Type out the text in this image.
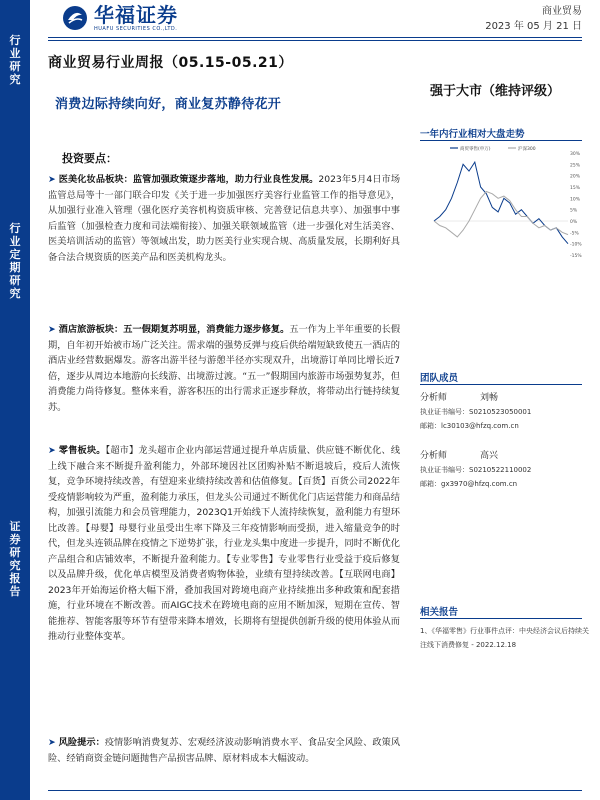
华福证券
HUAFU SECURITIES CO.,LTD.
商业贸易
2023 年 05 月 21 日
行
业
研
究
行
业
定
期
研
究
证
券
研
究
报
告
商业贸易行业周报（05.15-05.21）
消费边际持续向好，商业复苏静待花开
强于大市（维持评级）
投资要点：
➤ 医美化妆品板块：监管加强政策逐步落地，助力行业良性发展。2023年5月4日市场监管总局等十一部门联合印发《关于进一步加强医疗美容行业监管工作的指导意见》，从加强行业准入管理（强化医疗美容机构资质审核、完善登记信息共享）、加强事中事后监管（加强检查力度和司法端衔接）、加强关联领域监管（进一步强化对生活美容、医美培训活动的监管）等领域出发，助力医美行业实现合规、高质量发展，长期利好具备合法合规资质的医美产品和医美机构龙头。
➤ 酒店旅游板块：五一假期复苏明显，消费能力逐步修复。五一作为上半年重要的长假期，自年初开始被市场广泛关注。需求端的强势反弹与疫后供给端短缺致使五一酒店的酒店业经营数据爆发。游客出游半径与游憩半径亦实现双升，出境游订单同比增长近7倍，逐步从周边本地游向长线游、出境游过渡。“五一”假期国内旅游市场强势复苏，但消费能力尚待修复。整体来看，游客积压的出行需求正逐步释放，将带动出行链持续复苏。
➤ 零售板块。【超市】龙头超市企业内部运营通过提升单店质量、供应链不断优化、线上线下融合来不断提升盈利能力，外部环境因社区团购补贴不断退坡后，疫后人流恢复，竞争环境持续改善，有望迎来业绩持续改善和估值修复。【百货】百货公司2022年受疫情影响较为严重，盈利能力承压，但龙头公司通过不断优化门店运营能力和商品结构，加强引流能力和会员管理能力，2023Q1开始线下人流持续恢复，盈利能力有望环比改善。【母婴】母婴行业虽受出生率下降及三年疫情影响而受损，进入缩量竞争的时代，但龙头连锁品牌在疫情之下逆势扩张，行业龙头集中度进一步提升，同时不断优化产品组合和店铺效率，不断提升盈利能力。【专业零售】专业零售行业受益于疫后修复以及品牌升级，优化单店模型及消费者购物体验，业绩有望持续改善。【互联网电商】2023年开始海运价格大幅下滑，叠加我国对跨境电商产业持续推出多种政策和配套措施，行业环境在不断改善。而AIGC技术在跨境电商的应用不断加深，短期在宣传、智能推荐、智能客服等环节有望带来降本增效，长期将有望提供创新升级的使用体验从而推动行业整体变革。
➤ 风险提示：疫情影响消费复苏、宏观经济波动影响消费水平、食品安全风险、政策风险、经销商资金链问题抛售产品损害品牌、原材料成本大幅波动。
一年内行业相对大盘走势
30%
25%
20%
15%
10%
5%
0%
-5%
-10%
-15%
商贸零售(申万)	沪深300
团队成员
分析师	刘畅
执业证书编号：S0210523050001
邮箱：lc30103@hfzq.com.cn
分析师	高兴
执业证书编号：S0210522110002
邮箱：gx3970@hfzq.com.cn
相关报告
1、《华福零售》行业事件点评：中央经济会议后持续关注线下消费修复 - 2022.12.18
